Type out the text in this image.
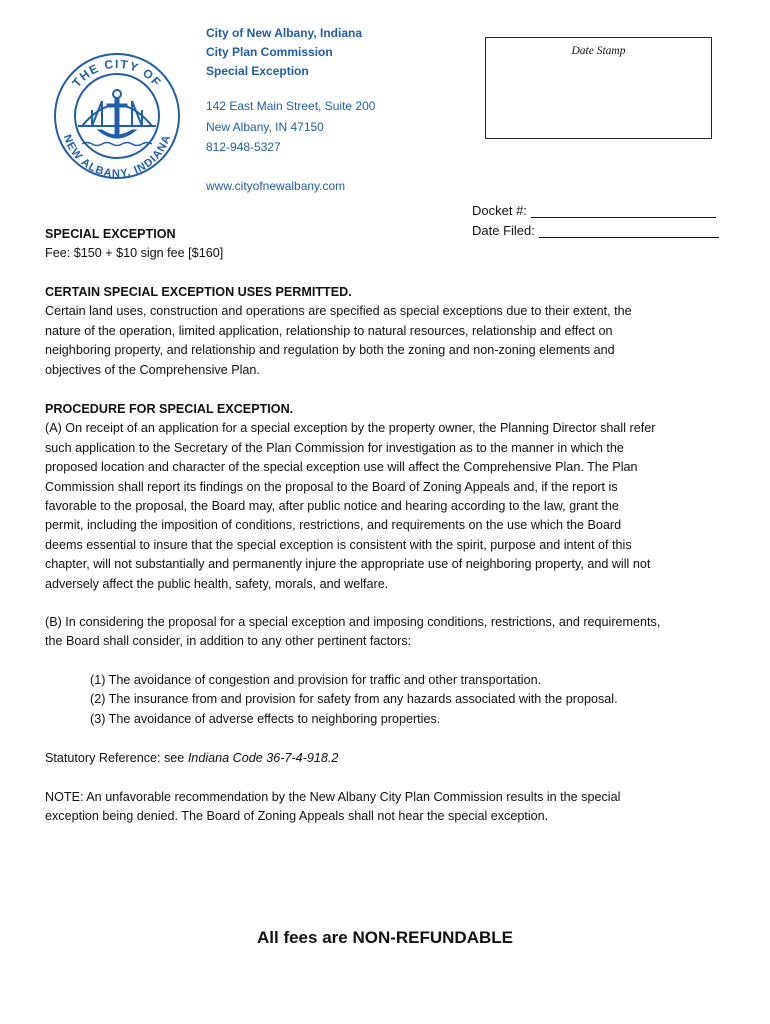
THE CITY OF
NEW ALBANY, INDIANA
City of New Albany, Indiana
City Plan Commission
Special Exception
142 East Main Street, Suite 200
New Albany, IN 47150
812-948-5327
www.cityofnewalbany.com
Date Stamp
Docket #:
Date Filed:
SPECIAL EXCEPTION
Fee: $150 + $10 sign fee [$160]

CERTAIN SPECIAL EXCEPTION USES PERMITTED.

Certain land uses, construction and operations are specified as special exceptions due to their extent, the

nature of the operation, limited application, relationship to natural resources, relationship and effect on

neighboring property, and relationship and regulation by both the zoning and non-zoning elements and

objectives of the Comprehensive Plan.

PROCEDURE FOR SPECIAL EXCEPTION.

(A) On receipt of an application for a special exception by the property owner, the Planning Director shall refer

such application to the Secretary of the Plan Commission for investigation as to the manner in which the

proposed location and character of the special exception use will affect the Comprehensive Plan. The Plan

Commission shall report its findings on the proposal to the Board of Zoning Appeals and, if the report is

favorable to the proposal, the Board may, after public notice and hearing according to the law, grant the

permit, including the imposition of conditions, restrictions, and requirements on the use which the Board

deems essential to insure that the special exception is consistent with the spirit, purpose and intent of this

chapter, will not substantially and permanently injure the appropriate use of neighboring property, and will not

adversely affect the public health, safety, morals, and welfare.

(B) In considering the proposal for a special exception and imposing conditions, restrictions, and requirements,

the Board shall consider, in addition to any other pertinent factors:

(1) The avoidance of congestion and provision for traffic and other transportation.

(2) The insurance from and provision for safety from any hazards associated with the proposal.

(3) The avoidance of adverse effects to neighboring properties.

Statutory Reference: see Indiana Code 36-7-4-918.2

NOTE: An unfavorable recommendation by the New Albany City Plan Commission results in the special

exception being denied. The Board of Zoning Appeals shall not hear the special exception.

All fees are NON-REFUNDABLE
